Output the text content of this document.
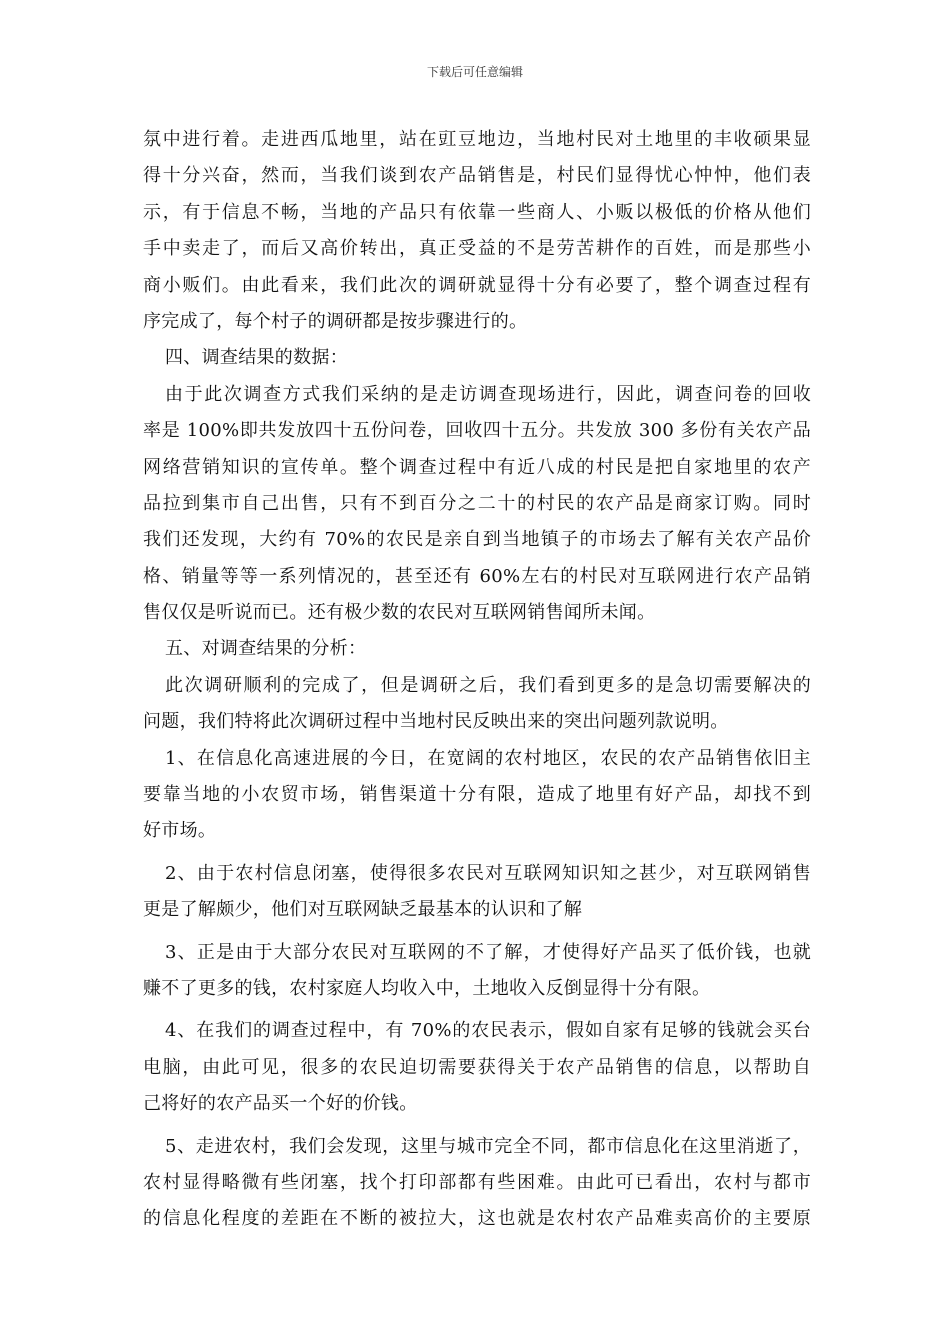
下载后可任意编辑
氛中进行着。走进西瓜地里，站在豇豆地边，当地村民对土地里的丰收硕果显
得十分兴奋，然而，当我们谈到农产品销售是，村民们显得忧心忡忡，他们表
示，有于信息不畅，当地的产品只有依靠一些商人、小贩以极低的价格从他们
手中卖走了，而后又高价转出，真正受益的不是劳苦耕作的百姓，而是那些小
商小贩们。由此看来，我们此次的调研就显得十分有必要了，整个调查过程有
序完成了，每个村子的调研都是按步骤进行的。
四、调查结果的数据：
由于此次调查方式我们采纳的是走访调查现场进行，因此，调查问卷的回收
率是 100%即共发放四十五份问卷，回收四十五分。共发放 300 多份有关农产品
网络营销知识的宣传单。整个调查过程中有近八成的村民是把自家地里的农产
品拉到集市自己出售，只有不到百分之二十的村民的农产品是商家订购。同时
我们还发现，大约有 70%的农民是亲自到当地镇子的市场去了解有关农产品价
格、销量等等一系列情况的，甚至还有 60%左右的村民对互联网进行农产品销
售仅仅是听说而已。还有极少数的农民对互联网销售闻所未闻。
五、对调查结果的分析：
此次调研顺利的完成了，但是调研之后，我们看到更多的是急切需要解决的
问题，我们特将此次调研过程中当地村民反映出来的突出问题列款说明。
1、在信息化高速进展的今日，在宽阔的农村地区，农民的农产品销售依旧主
要靠当地的小农贸市场，销售渠道十分有限，造成了地里有好产品，却找不到
好市场。
2、由于农村信息闭塞，使得很多农民对互联网知识知之甚少，对互联网销售
更是了解颇少，他们对互联网缺乏最基本的认识和了解
3、正是由于大部分农民对互联网的不了解，才使得好产品买了低价钱，也就
赚不了更多的钱，农村家庭人均收入中，土地收入反倒显得十分有限。
4、在我们的调查过程中，有 70%的农民表示，假如自家有足够的钱就会买台
电脑，由此可见，很多的农民迫切需要获得关于农产品销售的信息，以帮助自
己将好的农产品买一个好的价钱。
5、走进农村，我们会发现，这里与城市完全不同，都市信息化在这里消逝了，
农村显得略微有些闭塞，找个打印部都有些困难。由此可已看出，农村与都市
的信息化程度的差距在不断的被拉大，这也就是农村农产品难卖高价的主要原
